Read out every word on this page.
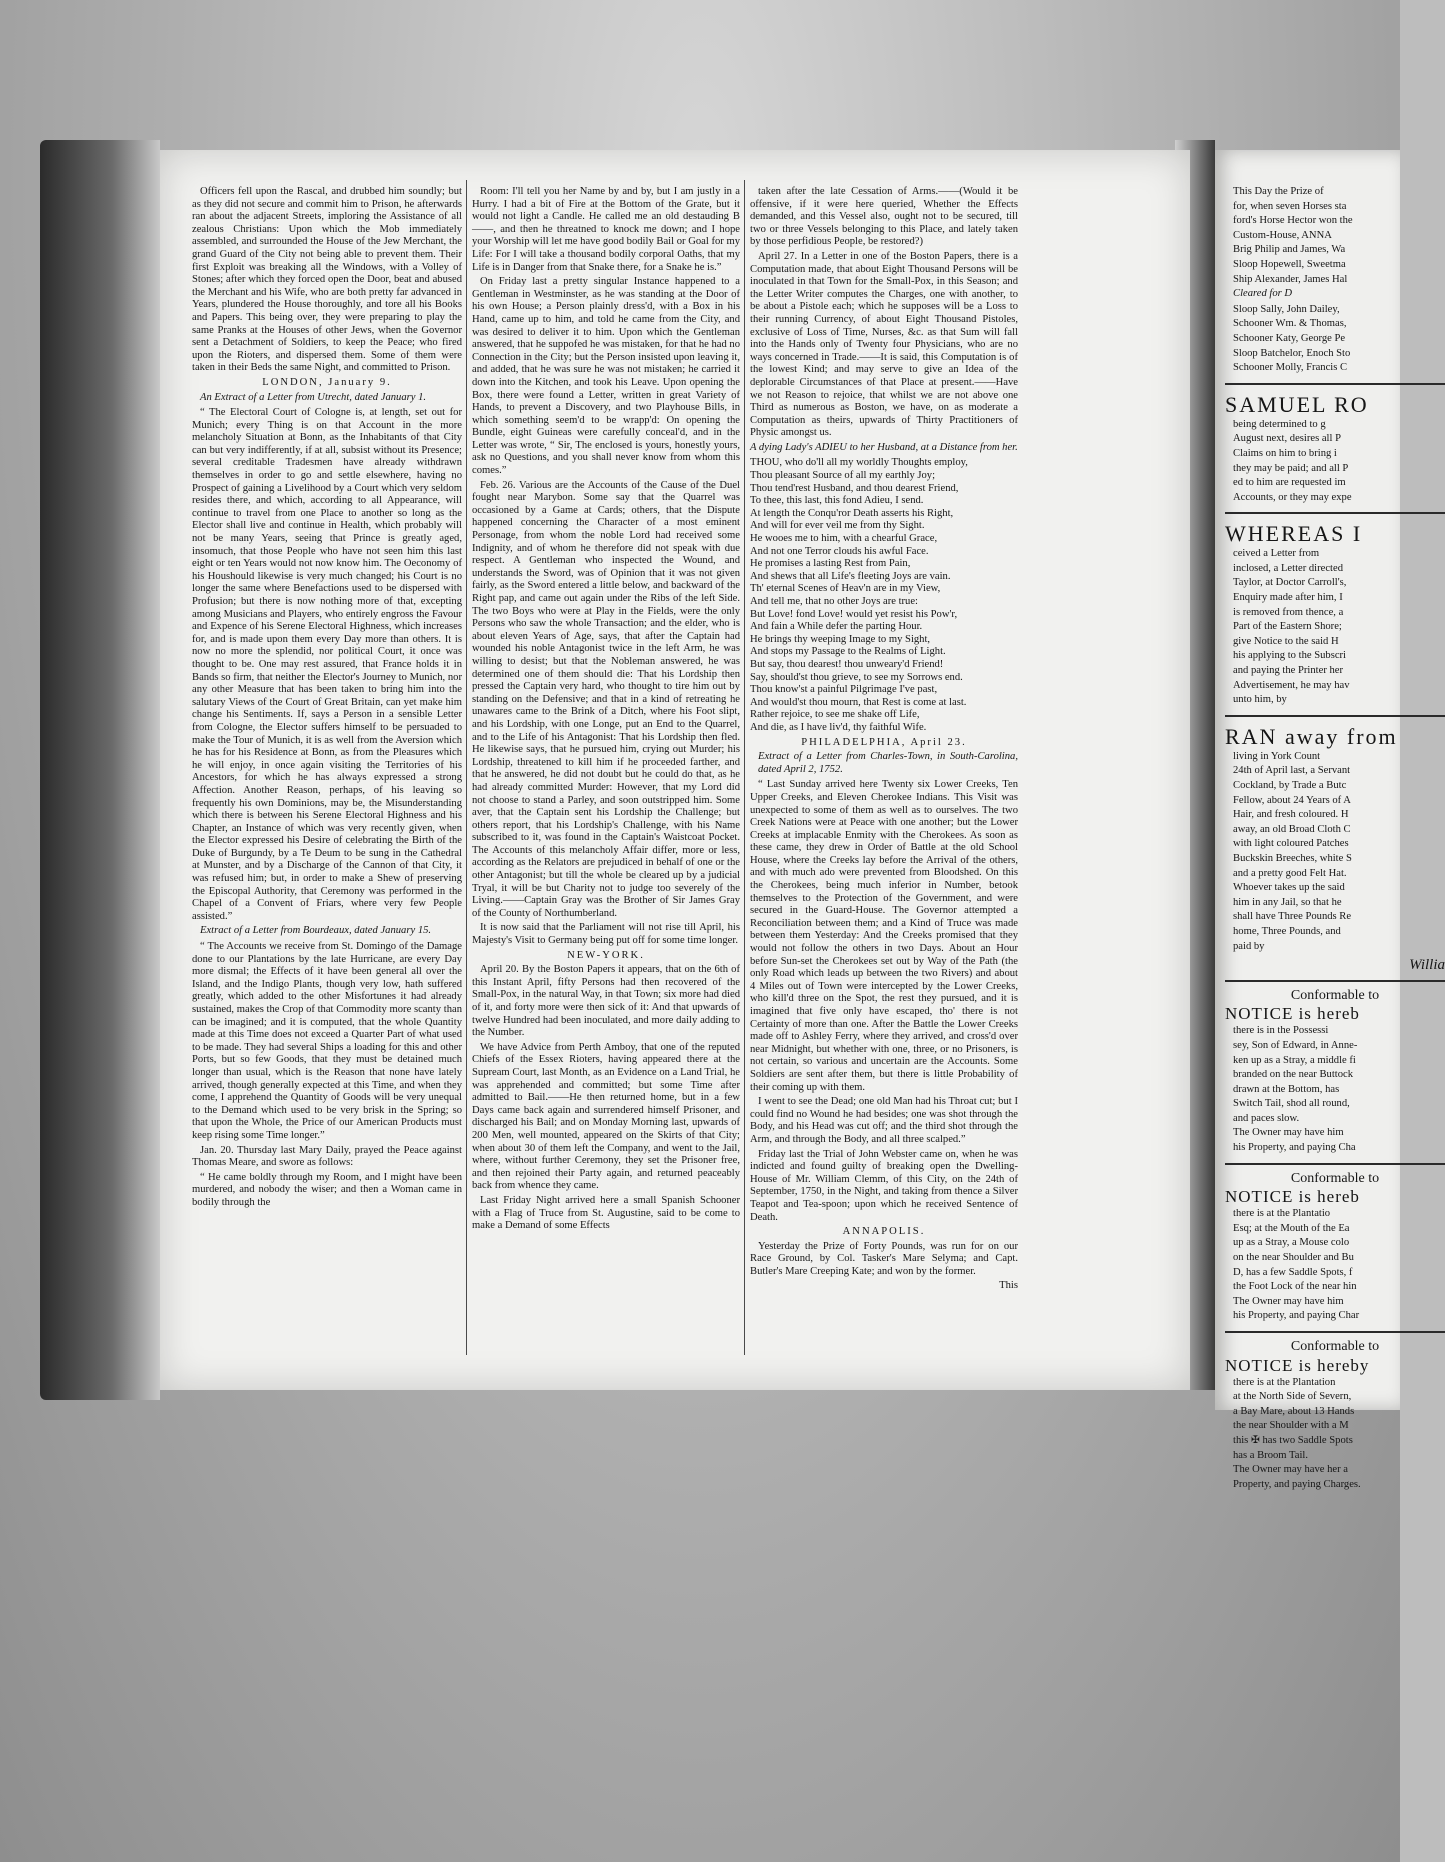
Officers fell upon the Rascal, and drubbed him soundly; but as they did not secure and commit him to Prison, he afterwards ran about the adjacent Streets, imploring the Assistance of all zealous Christians: Upon which the Mob immediately assembled, and surrounded the House of the Jew Merchant, the grand Guard of the City not being able to prevent them. Their first Exploit was breaking all the Windows, with a Volley of Stones; after which they forced open the Door, beat and abused the Merchant and his Wife, who are both pretty far advanced in Years, plundered the House thoroughly, and tore all his Books and Papers. This being over, they were preparing to play the same Pranks at the Houses of other Jews, when the Governor sent a Detachment of Soldiers, to keep the Peace; who fired upon the Rioters, and dispersed them. Some of them were taken in their Beds the same Night, and committed to Prison.

LONDON, January 9.

An Extract of a Letter from Utrecht, dated January 1.

“ The Electoral Court of Cologne is, at length, set out for Munich; every Thing is on that Account in the more melancholy Situation at Bonn, as the Inhabitants of that City can but very indifferently, if at all, subsist without its Presence; several creditable Tradesmen have already withdrawn themselves in order to go and settle elsewhere, having no Prospect of gaining a Livelihood by a Court which very seldom resides there, and which, according to all Appearance, will continue to travel from one Place to another so long as the Elector shall live and continue in Health, which probably will not be many Years, seeing that Prince is greatly aged, insomuch, that those People who have not seen him this last eight or ten Years would not now know him. The Oeconomy of his Houshould likewise is very much changed; his Court is no longer the same where Benefactions used to be dispersed with Profusion; but there is now nothing more of that, excepting among Musicians and Players, who entirely engross the Favour and Expence of his Serene Electoral Highness, which increases for, and is made upon them every Day more than others. It is now no more the splendid, nor political Court, it once was thought to be. One may rest assured, that France holds it in Bands so firm, that neither the Elector's Journey to Munich, nor any other Measure that has been taken to bring him into the salutary Views of the Court of Great Britain, can yet make him change his Sentiments. If, says a Person in a sensible Letter from Cologne, the Elector suffers himself to be persuaded to make the Tour of Munich, it is as well from the Aversion which he has for his Residence at Bonn, as from the Pleasures which he will enjoy, in once again visiting the Territories of his Ancestors, for which he has always expressed a strong Affection. Another Reason, perhaps, of his leaving so frequently his own Dominions, may be, the Misunderstanding which there is between his Serene Electoral Highness and his Chapter, an Instance of which was very recently given, when the Elector expressed his Desire of celebrating the Birth of the Duke of Burgundy, by a Te Deum to be sung in the Cathedral at Munster, and by a Discharge of the Cannon of that City, it was refused him; but, in order to make a Shew of preserving the Episcopal Authority, that Ceremony was performed in the Chapel of a Convent of Friars, where very few People assisted.”

Extract of a Letter from Bourdeaux, dated January 15.

“ The Accounts we receive from St. Domingo of the Damage done to our Plantations by the late Hurricane, are every Day more dismal; the Effects of it have been general all over the Island, and the Indigo Plants, though very low, hath suffered greatly, which added to the other Misfortunes it had already sustained, makes the Crop of that Commodity more scanty than can be imagined; and it is computed, that the whole Quantity made at this Time does not exceed a Quarter Part of what used to be made. They had several Ships a loading for this and other Ports, but so few Goods, that they must be detained much longer than usual, which is the Reason that none have lately arrived, though generally expected at this Time, and when they come, I apprehend the Quantity of Goods will be very unequal to the Demand which used to be very brisk in the Spring; so that upon the Whole, the Price of our American Products must keep rising some Time longer.”

Jan. 20. Thursday last Mary Daily, prayed the Peace against Thomas Meare, and swore as follows:

“ He came boldly through my Room, and I might have been murdered, and nobody the wiser; and then a Woman came in bodily through the

Room: I'll tell you her Name by and by, but I am justly in a Hurry. I had a bit of Fire at the Bottom of the Grate, but it would not light a Candle. He called me an old destauding B——, and then he threatned to knock me down; and I hope your Worship will let me have good bodily Bail or Goal for my Life: For I will take a thousand bodily corporal Oaths, that my Life is in Danger from that Snake there, for a Snake he is.”

On Friday last a pretty singular Instance happened to a Gentleman in Westminster, as he was standing at the Door of his own House; a Person plainly dress'd, with a Box in his Hand, came up to him, and told he came from the City, and was desired to deliver it to him. Upon which the Gentleman answered, that he suppofed he was mistaken, for that he had no Connection in the City; but the Person insisted upon leaving it, and added, that he was sure he was not mistaken; he carried it down into the Kitchen, and took his Leave. Upon opening the Box, there were found a Letter, written in great Variety of Hands, to prevent a Discovery, and two Playhouse Bills, in which something seem'd to be wrapp'd: On opening the Bundle, eight Guineas were carefully conceal'd, and in the Letter was wrote, “ Sir, The enclosed is yours, honestly yours, ask no Questions, and you shall never know from whom this comes.”

Feb. 26. Various are the Accounts of the Cause of the Duel fought near Marybon. Some say that the Quarrel was occasioned by a Game at Cards; others, that the Dispute happened concerning the Character of a most eminent Personage, from whom the noble Lord had received some Indignity, and of whom he therefore did not speak with due respect. A Gentleman who inspected the Wound, and understands the Sword, was of Opinion that it was not given fairly, as the Sword entered a little below, and backward of the Right pap, and came out again under the Ribs of the left Side. The two Boys who were at Play in the Fields, were the only Persons who saw the whole Transaction; and the elder, who is about eleven Years of Age, says, that after the Captain had wounded his noble Antagonist twice in the left Arm, he was willing to desist; but that the Nobleman answered, he was determined one of them should die: That his Lordship then pressed the Captain very hard, who thought to tire him out by standing on the Defensive; and that in a kind of retreating he unawares came to the Brink of a Ditch, where his Foot slipt, and his Lordship, with one Longe, put an End to the Quarrel, and to the Life of his Antagonist: That his Lordship then fled. He likewise says, that he pursued him, crying out Murder; his Lordship, threatened to kill him if he proceeded farther, and that he answered, he did not doubt but he could do that, as he had already committed Murder: However, that my Lord did not choose to stand a Parley, and soon outstripped him. Some aver, that the Captain sent his Lordship the Challenge; but others report, that his Lordship's Challenge, with his Name subscribed to it, was found in the Captain's Waistcoat Pocket. The Accounts of this melancholy Affair differ, more or less, according as the Relators are prejudiced in behalf of one or the other Antagonist; but till the whole be cleared up by a judicial Tryal, it will be but Charity not to judge too severely of the Living.——Captain Gray was the Brother of Sir James Gray of the County of Northumberland.

It is now said that the Parliament will not rise till April, his Majesty's Visit to Germany being put off for some time longer.

NEW-YORK.

April 20. By the Boston Papers it appears, that on the 6th of this Instant April, fifty Persons had then recovered of the Small-Pox, in the natural Way, in that Town; six more had died of it, and forty more were then sick of it: And that upwards of twelve Hundred had been inoculated, and more daily adding to the Number.

We have Advice from Perth Amboy, that one of the reputed Chiefs of the Essex Rioters, having appeared there at the Supream Court, last Month, as an Evidence on a Land Trial, he was apprehended and committed; but some Time after admitted to Bail.——He then returned home, but in a few Days came back again and surrendered himself Prisoner, and discharged his Bail; and on Monday Morning last, upwards of 200 Men, well mounted, appeared on the Skirts of that City; when about 30 of them left the Company, and went to the Jail, where, without further Ceremony, they set the Prisoner free, and then rejoined their Party again, and returned peaceably back from whence they came.

Last Friday Night arrived here a small Spanish Schooner with a Flag of Truce from St. Augustine, said to be come to make a Demand of some Effects

taken after the late Cessation of Arms.——(Would it be offensive, if it were here queried, Whether the Effects demanded, and this Vessel also, ought not to be secured, till two or three Vessels belonging to this Place, and lately taken by those perfidious People, be restored?)

April 27. In a Letter in one of the Boston Papers, there is a Computation made, that about Eight Thousand Persons will be inoculated in that Town for the Small-Pox, in this Season; and the Letter Writer computes the Charges, one with another, to be about a Pistole each; which he supposes will be a Loss to their running Currency, of about Eight Thousand Pistoles, exclusive of Loss of Time, Nurses, &c. as that Sum will fall into the Hands only of Twenty four Physicians, who are no ways concerned in Trade.——It is said, this Computation is of the lowest Kind; and may serve to give an Idea of the deplorable Circumstances of that Place at present.——Have we not Reason to rejoice, that whilst we are not above one Third as numerous as Boston, we have, on as moderate a Computation as theirs, upwards of Thirty Practitioners of Physic amongst us.

A dying Lady's ADIEU to her Husband, at a Distance from her.

THOU, who do'll all my worldly Thoughts employ,

Thou pleasant Source of all my earthly Joy;

Thou tend'rest Husband, and thou dearest Friend,

To thee, this last, this fond Adieu, I send.

At length the Conqu'ror Death asserts his Right,

And will for ever veil me from thy Sight.

He wooes me to him, with a chearful Grace,

And not one Terror clouds his awful Face.

He promises a lasting Rest from Pain,

And shews that all Life's fleeting Joys are vain.

Th' eternal Scenes of Heav'n are in my View,

And tell me, that no other Joys are true:

But Love! fond Love! would yet resist his Pow'r,

And fain a While defer the parting Hour.

He brings thy weeping Image to my Sight,

And stops my Passage to the Realms of Light.

But say, thou dearest! thou unweary'd Friend!

Say, should'st thou grieve, to see my Sorrows end.

Thou know'st a painful Pilgrimage I've past,

And would'st thou mourn, that Rest is come at last.

Rather rejoice, to see me shake off Life,

And die, as I have liv'd, thy faithful Wife.

PHILADELPHIA, April 23.

Extract of a Letter from Charles-Town, in South-Carolina, dated April 2, 1752.

“ Last Sunday arrived here Twenty six Lower Creeks, Ten Upper Creeks, and Eleven Cherokee Indians. This Visit was unexpected to some of them as well as to ourselves. The two Creek Nations were at Peace with one another; but the Lower Creeks at implacable Enmity with the Cherokees. As soon as these came, they drew in Order of Battle at the old School House, where the Creeks lay before the Arrival of the others, and with much ado were prevented from Bloodshed. On this the Cherokees, being much inferior in Number, betook themselves to the Protection of the Government, and were secured in the Guard-House. The Governor attempted a Reconciliation between them; and a Kind of Truce was made between them Yesterday: And the Creeks promised that they would not follow the others in two Days. About an Hour before Sun-set the Cherokees set out by Way of the Path (the only Road which leads up between the two Rivers) and about 4 Miles out of Town were intercepted by the Lower Creeks, who kill'd three on the Spot, the rest they pursued, and it is imagined that five only have escaped, tho' there is not Certainty of more than one. After the Battle the Lower Creeks made off to Ashley Ferry, where they arrived, and cross'd over near Midnight, but whether with one, three, or no Prisoners, is not certain, so various and uncertain are the Accounts. Some Soldiers are sent after them, but there is little Probability of their coming up with them.

I went to see the Dead; one old Man had his Throat cut; but I could find no Wound he had besides; one was shot through the Body, and his Head was cut off; and the third shot through the Arm, and through the Body, and all three scalped.”

Friday last the Trial of John Webster came on, when he was indicted and found guilty of breaking open the Dwelling-House of Mr. William Clemm, of this City, on the 24th of September, 1750, in the Night, and taking from thence a Silver Teapot and Tea-spoon; upon which he received Sentence of Death.

ANNAPOLIS.

Yesterday the Prize of Forty Pounds, was run for on our Race Ground, by Col. Tasker's Mare Selyma; and Capt. Butler's Mare Creeping Kate; and won by the former.

This

This Day the Prize of

for, when seven Horses sta

ford's Horse Hector won the

Custom-House, ANNA

Brig Philip and James, Wa

Sloop Hopewell, Sweetma

Ship Alexander, James Hal

Cleared for D

Sloop Sally, John Dailey,

Schooner Wm. & Thomas,

Schooner Katy, George Pe

Sloop Batchelor, Enoch Sto

Schooner Molly, Francis C

SAMUEL RO

being determined to g

August next, desires all P

Claims on him to bring i

they may be paid; and all P

ed to him are requested im

Accounts, or they may expe

WHEREAS I

ceived a Letter from

inclosed, a Letter directed

Taylor, at Doctor Carroll's,

Enquiry made after him, I

is removed from thence, a

Part of the Eastern Shore;

give Notice to the said H

his applying to the Subscri

and paying the Printer her

Advertisement, he may hav

unto him, by

RAN away from

living in York Count

24th of April last, a Servant

Cockland, by Trade a Butc

Fellow, about 24 Years of A

Hair, and fresh coloured. H

away, an old Broad Cloth C

with light coloured Patches

Buckskin Breeches, white S

and a pretty good Felt Hat.

Whoever takes up the said

him in any Jail, so that he

shall have Three Pounds Re

home, Three Pounds, and

paid by

Willia

Conformable to

NOTICE is hereb

there is in the Possessi

sey, Son of Edward, in Anne-

ken up as a Stray, a middle fi

branded on the near Buttock

drawn at the Bottom, has

Switch Tail, shod all round,

and paces slow.

The Owner may have him

his Property, and paying Cha

Conformable to

NOTICE is hereb

there is at the Plantatio

Esq; at the Mouth of the Ea

up as a Stray, a Mouse colo

on the near Shoulder and Bu

D, has a few Saddle Spots, f

the Foot Lock of the near hin

The Owner may have him

his Property, and paying Char

Conformable to

NOTICE is hereby

there is at the Plantation

at the North Side of Severn,

a Bay Mare, about 13 Hands

the near Shoulder with a M

this ✠ has two Saddle Spots

has a Broom Tail.

The Owner may have her a

Property, and paying Charges.
